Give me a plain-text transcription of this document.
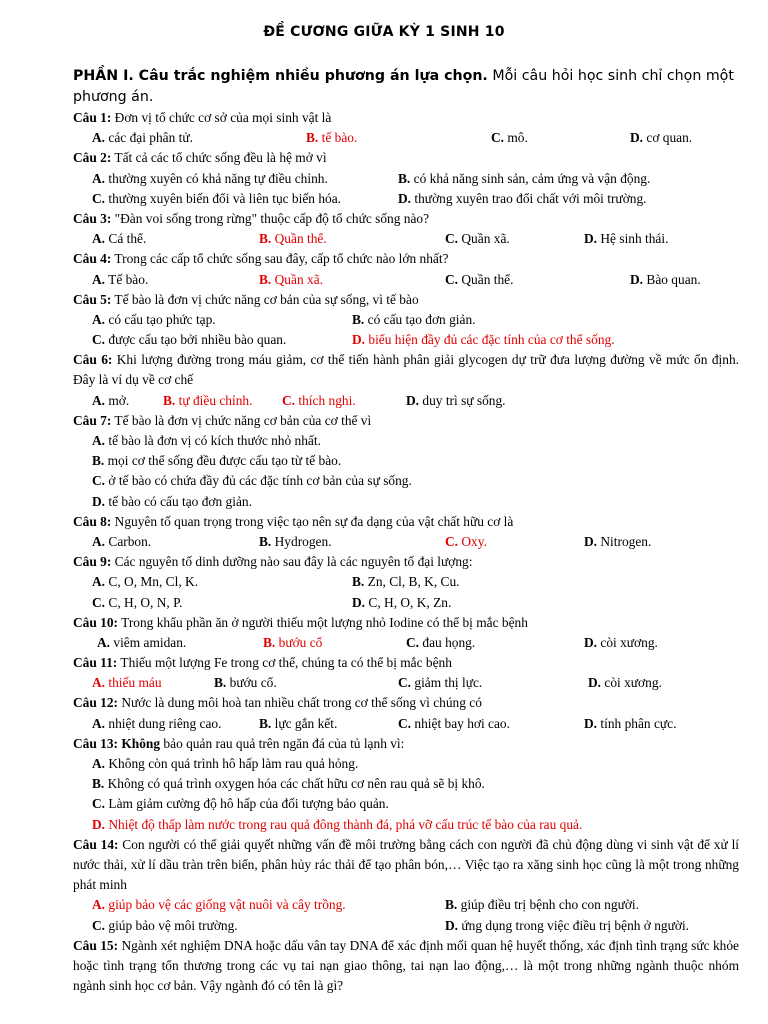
ĐỀ CƯƠNG GIỮA KỲ 1 SINH 10
PHẦN I. Câu trắc nghiệm nhiều phương án lựa chọn. Mỗi câu hỏi học sinh chỉ chọn một phương án.
Câu 1: Đơn vị tổ chức cơ sở của mọi sinh vật là
A. các đại phân tử.	B. tế bào.	C. mô.	D. cơ quan.
Câu 2: Tất cả các tổ chức sống đều là hệ mở vì
A. thường xuyên có khả năng tự điều chỉnh.	B. có khả năng sinh sản, cảm ứng và vận động.
C. thường xuyên biến đổi và liên tục biến hóa.	D. thường xuyên trao đổi chất với môi trường.
Câu 3: "Đàn voi sống trong rừng" thuộc cấp độ tổ chức sống nào?
A. Cá thể.	B. Quần thể.	C. Quần xã.	D. Hệ sinh thái.
Câu 4: Trong các cấp tổ chức sống sau đây, cấp tổ chức nào lớn nhất?
A. Tế bào.	B. Quần xã.	C. Quần thể.	D. Bào quan.
Câu 5: Tế bào là đơn vị chức năng cơ bản của sự sống, vì tế bào
A. có cấu tạo phức tạp.	B. có cấu tạo đơn giản.
C. được cấu tạo bởi nhiều bào quan.	D. biểu hiện đầy đủ các đặc tính của cơ thể sống.
Câu 6: Khi lượng đường trong máu giảm, cơ thể tiến hành phân giải glycogen dự trữ đưa lượng đường về mức ổn định. Đây là ví dụ về cơ chế
A. mở.	B. tự điều chỉnh. C. thích nghi.	D. duy trì sự sống.
Câu 7: Tế bào là đơn vị chức năng cơ bản của cơ thể vì
A. tế bào là đơn vị có kích thước nhỏ nhất.
B. mọi cơ thể sống đều được cấu tạo từ tế bào.
C. ở tế bào có chứa đầy đủ các đặc tính cơ bản của sự sống.
D. tế bào có cấu tạo đơn giản.
Câu 8: Nguyên tố quan trọng trong việc tạo nên sự đa dạng của vật chất hữu cơ là
A. Carbon.	B. Hydrogen.	C. Oxy.	D. Nitrogen.
Câu 9: Các nguyên tố dinh dưỡng nào sau đây là các nguyên tố đại lượng:
A. C, O, Mn, Cl, K.	B. Zn, Cl, B, K, Cu.
C. C, H, O, N, P.	D. C, H, O, K, Zn.
Câu 10: Trong khẩu phần ăn ở người thiếu một lượng nhỏ Iodine có thể bị mắc bệnh
A. viêm amidan.	B. bướu cổ	C. đau họng.	D. còi xương.
Câu 11: Thiếu một lượng Fe trong cơ thể, chúng ta có thể bị mắc bệnh
A. thiếu máu	B. bướu cổ.	C. giảm thị lực.	D. còi xương.
Câu 12: Nước là dung môi hoà tan nhiều chất trong cơ thể sống vì chúng có
A. nhiệt dung riêng cao.	B. lực gắn kết.	C. nhiệt bay hơi cao.	D. tính phân cực.
Câu 13: Không bảo quản rau quả trên ngăn đá của tủ lạnh vì:
A. Không còn quá trình hô hấp làm rau quả hỏng.
B. Không có quá trình oxygen hóa các chất hữu cơ nên rau quả sẽ bị khô.
C. Làm giảm cường độ hô hấp của đối tượng bảo quản.
D. Nhiệt độ thấp làm nước trong rau quả đông thành đá, phá vỡ cấu trúc tế bào của rau quả.
Câu 14: Con người có thể giải quyết những vấn đề môi trường bằng cách con người đã chủ động dùng vi sinh vật để xử lí nước thải, xử lí dầu tràn trên biển, phân hủy rác thải để tạo phân bón,… Việc tạo ra xăng sinh học cũng là một trong những phát minh
A. giúp bảo vệ các giống vật nuôi và cây trồng.	B. giúp điều trị bệnh cho con người.
C. giúp bảo vệ môi trường.	D. ứng dụng trong việc điều trị bệnh ở người.
Câu 15: Ngành xét nghiệm DNA hoặc dấu vân tay DNA để xác định mối quan hệ huyết thống, xác định tình trạng sức khỏe hoặc tình trạng tổn thương trong các vụ tai nạn giao thông, tai nạn lao động,… là một trong những ngành thuộc nhóm ngành sinh học cơ bản. Vậy ngành đó có tên là gì?
